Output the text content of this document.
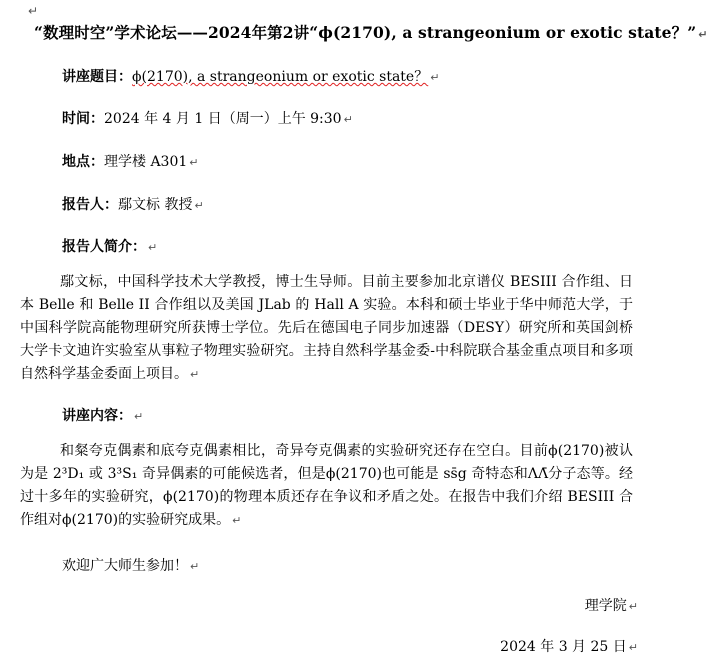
↵
“数理时空”学术论坛——2024年第2讲“ϕ(2170), a strangeonium or exotic state？” ↵
讲座题目：ϕ(2170), a strangeonium or exotic state？ ↵
时间：2024 年 4 月 1 日（周一）上午 9:30 ↵
地点：理学楼 A301 ↵
报告人：鄢文标 教授 ↵
报告人简介： ↵
鄢文标，中国科学技术大学教授，博士生导师。目前主要参加北京谱仪 BESIII 合作组、日本 Belle 和 Belle II 合作组以及美国 JLab 的 Hall A 实验。本科和硕士毕业于华中师范大学，于中国科学院高能物理研究所获博士学位。先后在德国电子同步加速器（DESY）研究所和英国剑桥大学卡文迪许实验室从事粒子物理实验研究。主持自然科学基金委-中科院联合基金重点项目和多项自然科学基金委面上项目。 ↵
讲座内容： ↵
和粲夸克偶素和底夸克偶素相比，奇异夸克偶素的实验研究还存在空白。目前ϕ(2170)被认为是 2³D₁ 或 3³S₁ 奇异偶素的可能候选者，但是ϕ(2170)也可能是 ss̄g 奇特态和ΛΛ̄分子态等。经过十多年的实验研究，ϕ(2170)的物理本质还存在争议和矛盾之处。在报告中我们介绍 BESIII 合作组对ϕ(2170)的实验研究成果。 ↵
欢迎广大师生参加！ ↵
理学院 ↵
2024 年 3 月 25 日 ↵
